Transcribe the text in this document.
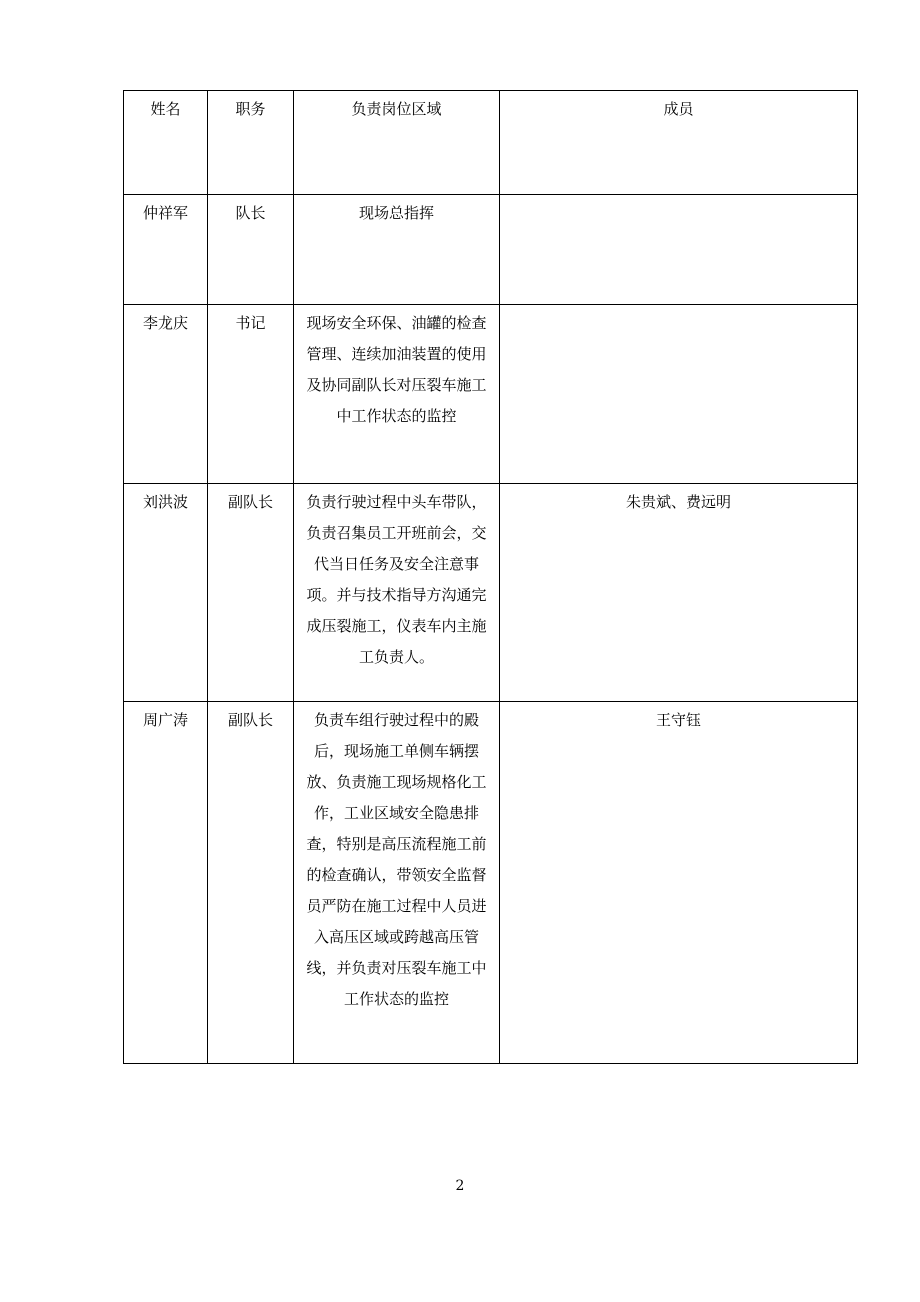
姓名	职务	负责岗位区域	成员
仲祥军	队长	现场总指挥	
李龙庆	书记	现场安全环保、油罐的检查管理、连续加油装置的使用及协同副队长对压裂车施工中工作状态的监控	
刘洪波	副队长	负责行驶过程中头车带队，负责召集员工开班前会，交代当日任务及安全注意事项。并与技术指导方沟通完成压裂施工，仪表车内主施工负责人。	朱贵斌、费远明
周广涛	副队长	负责车组行驶过程中的殿后，现场施工单侧车辆摆放、负责施工现场规格化工作，工业区域安全隐患排查，特别是高压流程施工前的检查确认，带领安全监督员严防在施工过程中人员进入高压区域或跨越高压管线，并负责对压裂车施工中工作状态的监控	王守钰
2
